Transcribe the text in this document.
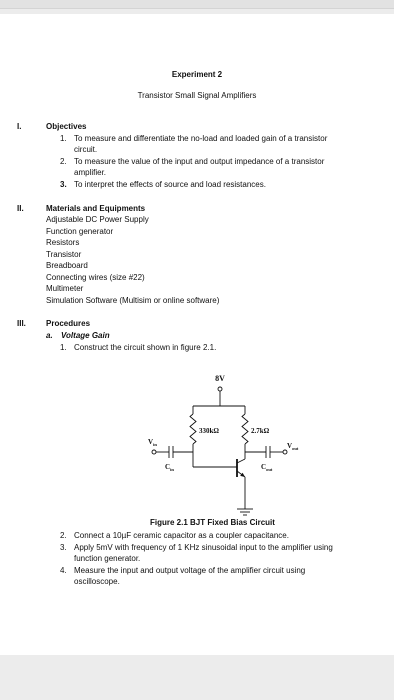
Experiment 2
Transistor Small Signal Amplifiers
I.	Objectives
1. To measure and differentiate the no-load and loaded gain of a transistor
circuit.
2. To measure the value of the input and output impedance of a transistor
amplifier.
3. To interpret the effects of source and load resistances.
II.	Materials and Equipments
Adjustable DC Power Supply
Function generator
Resistors
Transistor
Breadboard
Connecting wires (size #22)
Multimeter
Simulation Software (Multisim or online software)
III.	Procedures
a. Voltage Gain
1. Construct the circuit shown in figure 2.1.
8V
330kΩ	2.7kΩ
$V_{in}$
$C_{in}$
$V_{out}$
$C_{out}$
Figure 2.1 BJT Fixed Bias Circuit
2. Connect a 10µF ceramic capacitor as a coupler capacitance.
3. Apply 5mV with frequency of 1 KHz sinusoidal input to the amplifier using
function generator.
4. Measure the input and output voltage of the amplifier circuit using
oscilloscope.
